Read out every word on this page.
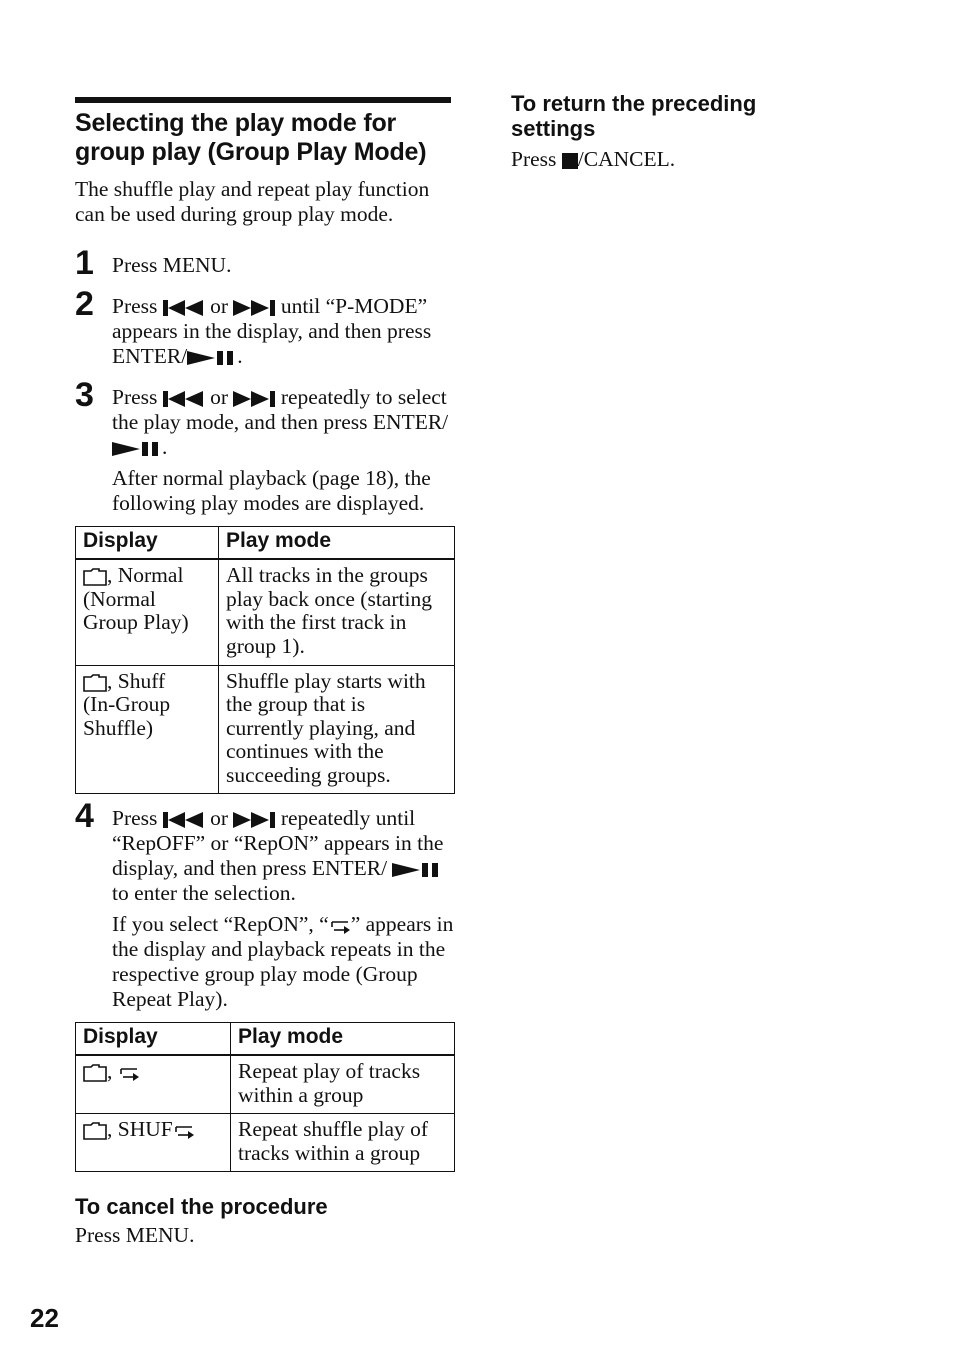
Selecting the play mode for
group play (Group Play Mode)
The shuffle play and repeat play function can be used during group play mode.
1 Press MENU.

2 Press or until “P-MODE” appears in the display, and then press ENTER/ .

3 Press or repeatedly to select the play mode, and then press ENTER/.

After normal playback (page 18), the following play modes are displayed.

Display	Play mode
, Normal
(Normal Group Play)	All tracks in the groups play back once (starting with the first track in group 1).
, Shuff
(In-Group Shuffle)	Shuffle play starts with the group that is currently playing, and continues with the succeeding groups.
4 Press or repeatedly until “RepOFF” or “RepON” appears in the display, and then press ENTER/  to enter the selection.

If you select “RepON”, “ ” appears in the display and playback repeats in the respective group play mode (Group Repeat Play).

Display	Play mode
,	Repeat play of tracks within a group
, SHUF	Repeat shuffle play of tracks within a group
To cancel the procedure
Press MENU.
To return the preceding settings
Press /CANCEL.
22
